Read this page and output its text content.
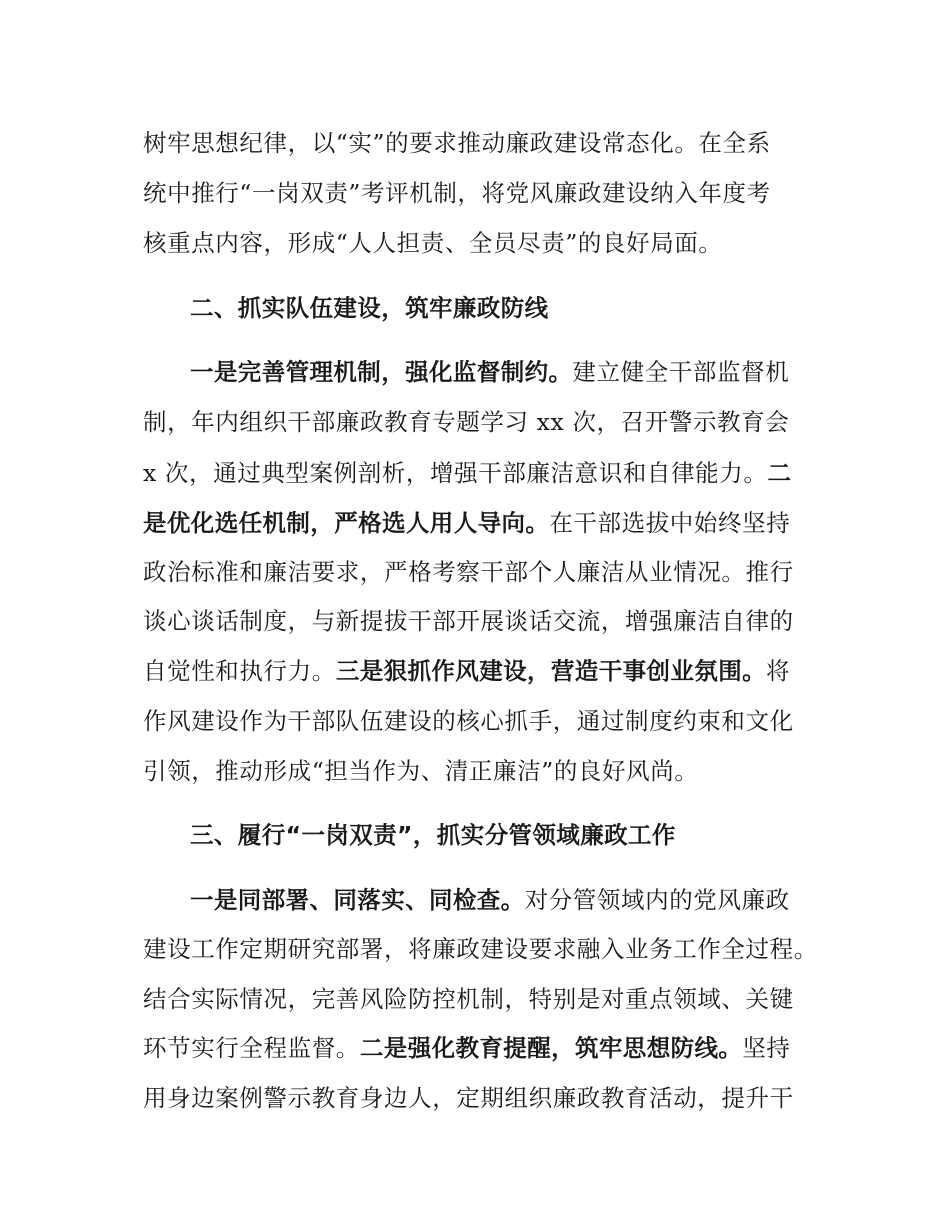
树牢思想纪律，以“实”的要求推动廉政建设常态化。在全系
统中推行“一岗双责”考评机制，将党风廉政建设纳入年度考
核重点内容，形成“人人担责、全员尽责”的良好局面。
二、抓实队伍建设，筑牢廉政防线
一是完善管理机制，强化监督制约。建立健全干部监督机
制，年内组织干部廉政教育专题学习 xx 次，召开警示教育会
x 次，通过典型案例剖析，增强干部廉洁意识和自律能力。二
是优化选任机制，严格选人用人导向。在干部选拔中始终坚持
政治标准和廉洁要求，严格考察干部个人廉洁从业情况。推行
谈心谈话制度，与新提拔干部开展谈话交流，增强廉洁自律的
自觉性和执行力。三是狠抓作风建设，营造干事创业氛围。将
作风建设作为干部队伍建设的核心抓手，通过制度约束和文化
引领，推动形成“担当作为、清正廉洁”的良好风尚。
三、履行“一岗双责”，抓实分管领域廉政工作
一是同部署、同落实、同检查。对分管领域内的党风廉政
建设工作定期研究部署，将廉政建设要求融入业务工作全过程。
结合实际情况，完善风险防控机制，特别是对重点领域、关键
环节实行全程监督。二是强化教育提醒，筑牢思想防线。坚持
用身边案例警示教育身边人，定期组织廉政教育活动，提升干
